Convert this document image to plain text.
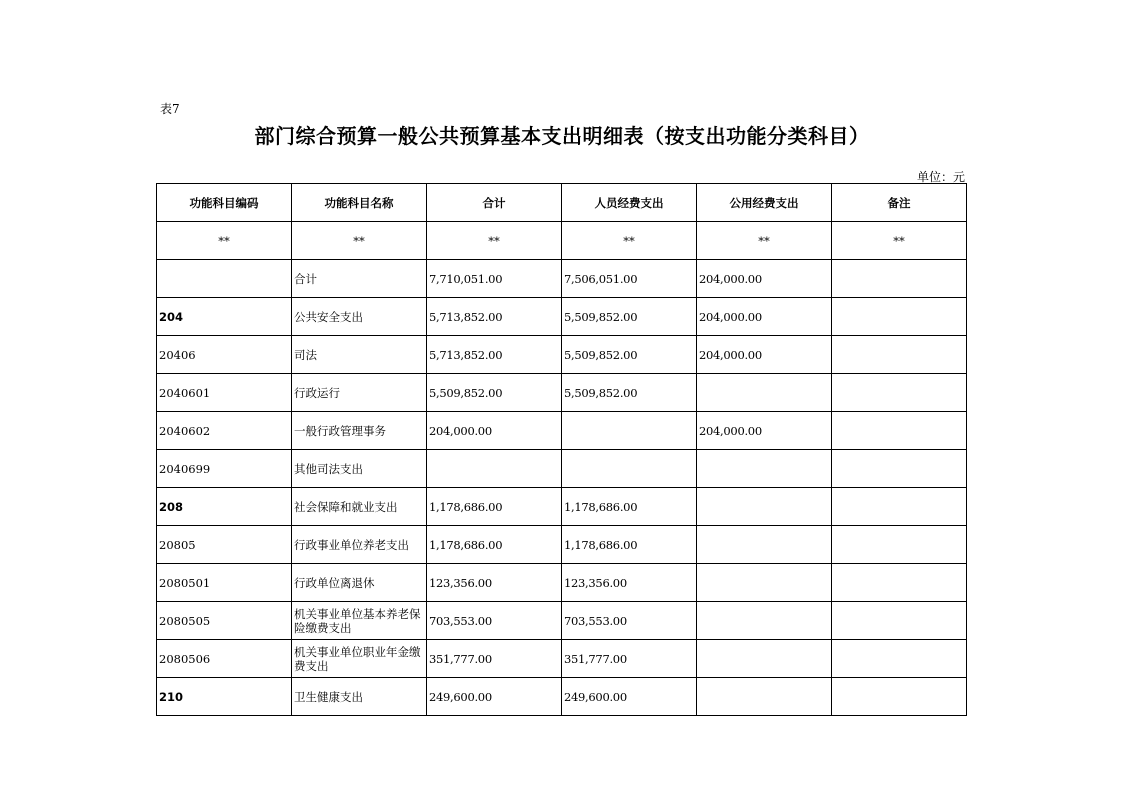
表7
部门综合预算一般公共预算基本支出明细表（按支出功能分类科目）
单位：元
功能科目编码	功能科目名称	合计	人员经费支出	公用经费支出	备注
**	**	**	**	**	**
	合计	7,710,051.00	7,506,051.00	204,000.00	
204	公共安全支出	5,713,852.00	5,509,852.00	204,000.00	
20406	司法	5,713,852.00	5,509,852.00	204,000.00	
2040601	行政运行	5,509,852.00	5,509,852.00		
2040602	一般行政管理事务	204,000.00		204,000.00	
2040699	其他司法支出				
208	社会保障和就业支出	1,178,686.00	1,178,686.00		
20805	行政事业单位养老支出	1,178,686.00	1,178,686.00		
2080501	行政单位离退休	123,356.00	123,356.00		
2080505	机关事业单位基本养老保险缴费支出	703,553.00	703,553.00		
2080506	机关事业单位职业年金缴费支出	351,777.00	351,777.00		
210	卫生健康支出	249,600.00	249,600.00		
